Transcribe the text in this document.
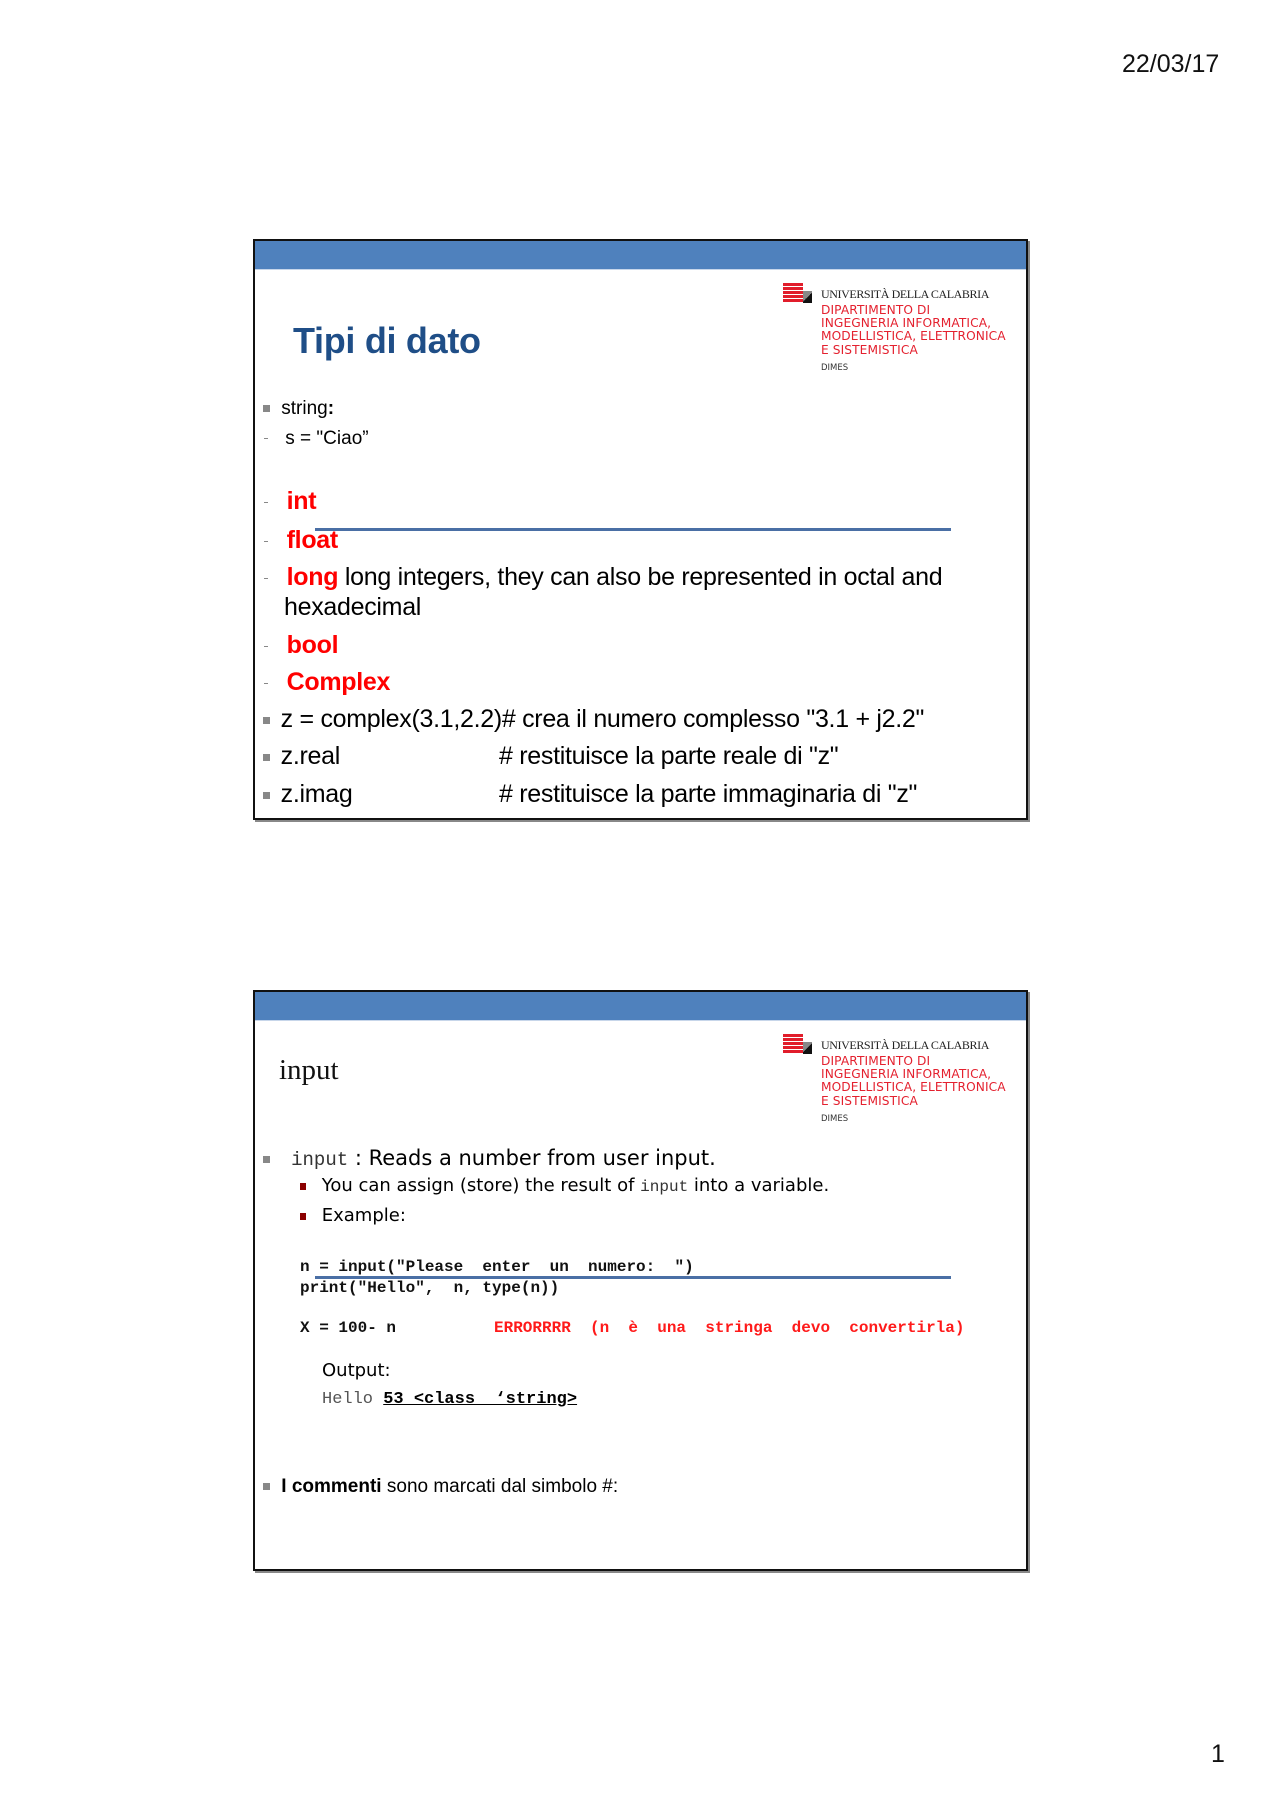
22/03/17
UNIVERSITÀ DELLA CALABRIA
DIPARTIMENTO DI
INGEGNERIA INFORMATICA,
MODELLISTICA, ELETTRONICA
E SISTEMISTICA
DIMES
Tipi di dato
string:
s = "Ciao”
int
float
long long integers, they can also be represented in octal and
hexadecimal
bool
Complex
z = complex(3.1,2.2)# crea il numero complesso "3.1 + j2.2"
z.real	# restituisce la parte reale di "z"
z.imag	# restituisce la parte immaginaria di "z"
UNIVERSITÀ DELLA CALABRIA
DIPARTIMENTO DI
INGEGNERIA INFORMATICA,
MODELLISTICA, ELETTRONICA
E SISTEMISTICA
DIMES
input
input : Reads a number from user input.
You can assign (store) the result of input into a variable.
Example:
n = input("Please  enter  un  numero:  ")
print("Hello",  n, type(n))
X = 100- n	ERRORRRR  (n  è  una  stringa  devo  convertirla)
Output:
Hello 53 <class  ‘string>
I commenti sono marcati dal simbolo #:
1
